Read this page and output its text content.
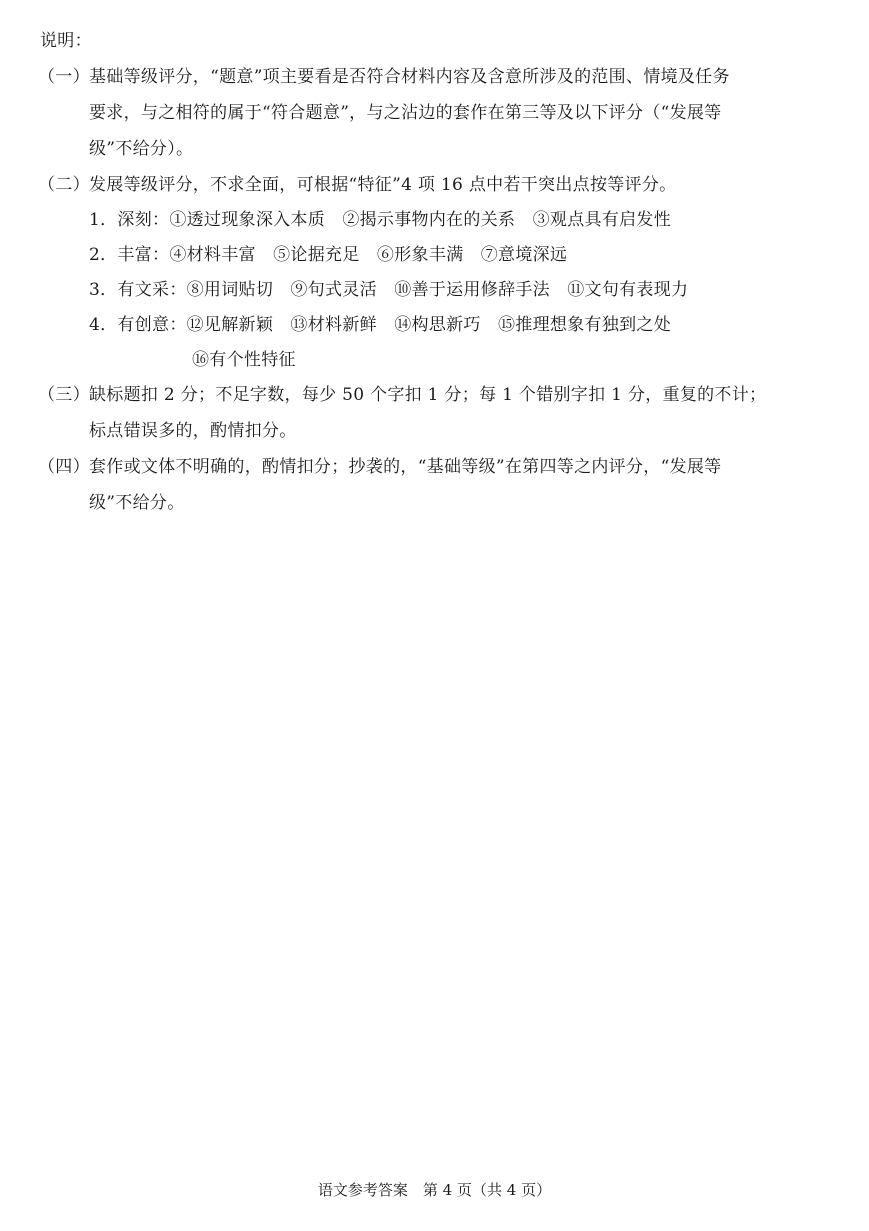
说明：
（一） 基础等级评分，“题意”项主要看是否符合材料内容及含意所涉及的范围、情境及任务
要求，与之相符的属于“符合题意”，与之沾边的套作在第三等及以下评分（“发展等
级”不给分）。
（二） 发展等级评分，不求全面，可根据“特征”4 项 16 点中若干突出点按等评分。
1．深刻：①透过现象深入本质　②揭示事物内在的关系　③观点具有启发性
2．丰富：④材料丰富　⑤论据充足　⑥形象丰满　⑦意境深远
3．有文采：⑧用词贴切　⑨句式灵活　⑩善于运用修辞手法　⑪文句有表现力
4．有创意：⑫见解新颖　⑬材料新鲜　⑭构思新巧　⑮推理想象有独到之处
⑯有个性特征
（三） 缺标题扣 2 分；不足字数，每少 50 个字扣 1 分；每 1 个错别字扣 1 分，重复的不计；
标点错误多的，酌情扣分。
（四） 套作或文体不明确的，酌情扣分；抄袭的，“基础等级”在第四等之内评分，“发展等
级”不给分。
语文参考答案　第 4 页（共 4 页）
